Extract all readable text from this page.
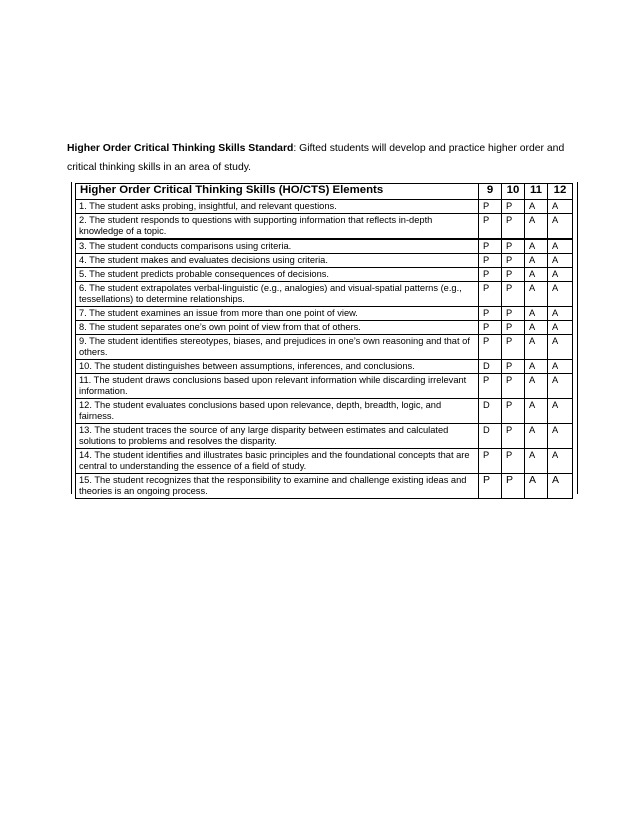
Higher Order Critical Thinking Skills Standard: Gifted students will develop and practice higher order and critical thinking skills in an area of study.
Higher Order Critical Thinking Skills (HO/CTS) Elements	9	10	11	12
1. The student asks probing, insightful, and relevant questions.	P	P	A	A
2. The student responds to questions with supporting information that reflects in-depth knowledge of a topic.	P	P	A	A
3. The student conducts comparisons using criteria.	P	P	A	A
4. The student makes and evaluates decisions using criteria.	P	P	A	A
5. The student predicts probable consequences of decisions.	P	P	A	A
6. The student extrapolates verbal-linguistic (e.g., analogies) and visual-spatial patterns (e.g., tessellations) to determine relationships.	P	P	A	A
7. The student examines an issue from more than one point of view.	P	P	A	A
8. The student separates one’s own point of view from that of others.	P	P	A	A
9. The student identifies stereotypes, biases, and prejudices in one’s own reasoning and that of others.	P	P	A	A
10. The student distinguishes between assumptions, inferences, and conclusions.	D	P	A	A
11. The student draws conclusions based upon relevant information while discarding irrelevant information.	P	P	A	A
12. The student evaluates conclusions based upon relevance, depth, breadth, logic, and fairness.	D	P	A	A
13. The student traces the source of any large disparity between estimates and calculated solutions to problems and resolves the disparity.	D	P	A	A
14. The student identifies and illustrates basic principles and the foundational concepts that are central to understanding the essence of a field of study.	P	P	A	A
15. The student recognizes that the responsibility to examine and challenge existing ideas and theories is an ongoing process.	P	P	A	A
